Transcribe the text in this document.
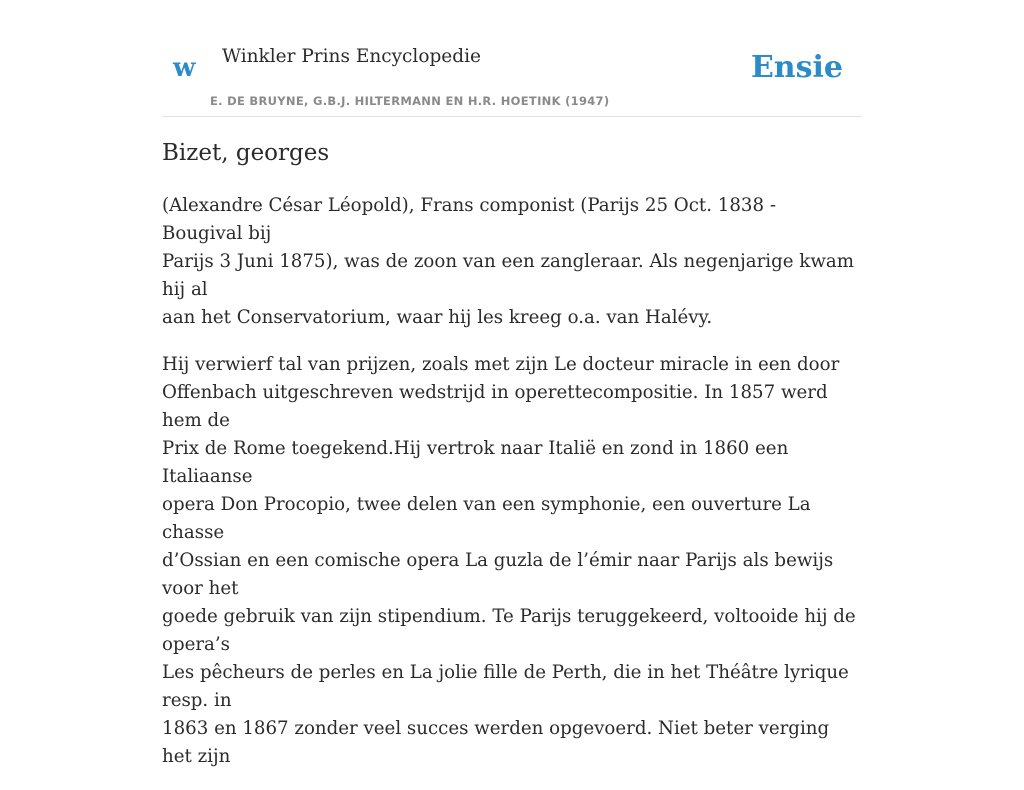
w Winkler Prins Encyclopedie
E. DE BRUYNE, G.B.J. HILTERMANN EN H.R. HOETINK (1947)
Ensie
Bizet, georges

(Alexandre César Léopold), Frans componist (Parijs 25 Oct. 1838 - Bougival bij
Parijs 3 Juni 1875), was de zoon van een zangleraar. Als negenjarige kwam hij al
aan het Conservatorium, waar hij les kreeg o.a. van Halévy.

Hij verwierf tal van prijzen, zoals met zijn Le docteur miracle in een door
Offenbach uitgeschreven wedstrijd in operettecompositie. In 1857 werd hem de
Prix de Rome toegekend.Hij vertrok naar Italië en zond in 1860 een Italiaanse
opera Don Procopio, twee delen van een symphonie, een ouverture La chasse
d’Ossian en een comische opera La guzla de l’émir naar Parijs als bewijs voor het
goede gebruik van zijn stipendium. Te Parijs teruggekeerd, voltooide hij de opera’s
Les pêcheurs de perles en La jolie fille de Perth, die in het Théâtre lyrique resp. in
1863 en 1867 zonder veel succes werden opgevoerd. Niet beter verging het zijn
